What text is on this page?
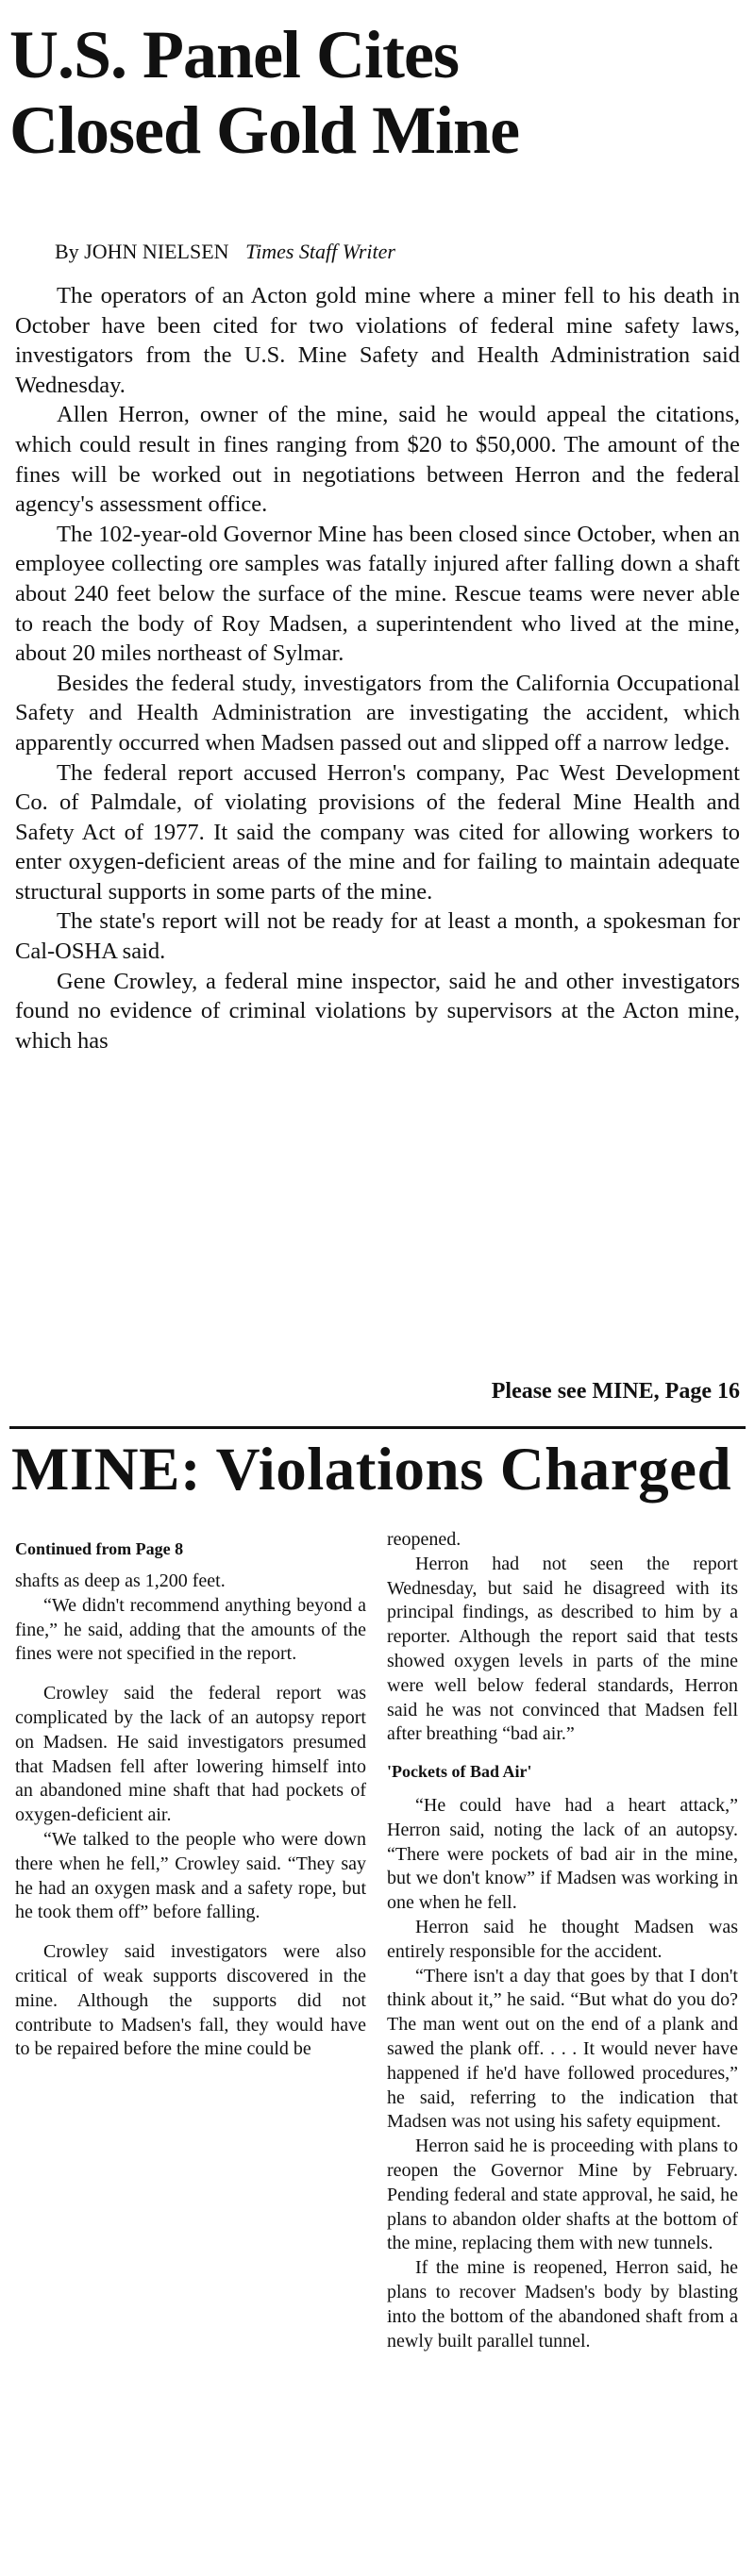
U.S. Panel Cites
Closed Gold Mine
By JOHN NIELSEN Times Staff Writer

The operators of an Acton gold mine where a miner fell to his death in October have been cited for two violations of federal mine safety laws, investigators from the U.S. Mine Safety and Health Administration said Wednesday.

Allen Herron, owner of the mine, said he would appeal the citations, which could result in fines ranging from $20 to $50,000. The amount of the fines will be worked out in negotiations between Herron and the federal agency's assessment office.

The 102-year-old Governor Mine has been closed since October, when an employee collecting ore samples was fatally injured after falling down a shaft about 240 feet below the surface of the mine. Rescue teams were never able to reach the body of Roy Madsen, a superintendent who lived at the mine, about 20 miles northeast of Sylmar.

Besides the federal study, investigators from the California Occupational Safety and Health Administration are investigating the accident, which apparently occurred when Madsen passed out and slipped off a narrow ledge.

The federal report accused Herron's company, Pac West Development Co. of Palmdale, of violating provisions of the federal Mine Health and Safety Act of 1977. It said the company was cited for allowing workers to enter oxygen-deficient areas of the mine and for failing to maintain adequate structural supports in some parts of the mine.

The state's report will not be ready for at least a month, a spokesman for Cal-OSHA said.

Gene Crowley, a federal mine inspector, said he and other investigators found no evidence of criminal violations by supervisors at the Acton mine, which has

Please see MINE, Page 16
MINE: Violations Charged
Continued from Page 8

shafts as deep as 1,200 feet.

“We didn't recommend anything beyond a fine,” he said, adding that the amounts of the fines were not specified in the report.

Crowley said the federal report was complicated by the lack of an autopsy report on Madsen. He said investigators presumed that Madsen fell after lowering himself into an abandoned mine shaft that had pockets of oxygen-deficient air.

“We talked to the people who were down there when he fell,” Crowley said. “They say he had an oxygen mask and a safety rope, but he took them off” before falling.

Crowley said investigators were also critical of weak supports discovered in the mine. Although the supports did not contribute to Madsen's fall, they would have to be repaired before the mine could be

reopened.

Herron had not seen the report Wednesday, but said he disagreed with its principal findings, as described to him by a reporter. Although the report said that tests showed oxygen levels in parts of the mine were well below federal standards, Herron said he was not convinced that Madsen fell after breathing “bad air.”

'Pockets of Bad Air'

“He could have had a heart attack,” Herron said, noting the lack of an autopsy. “There were pockets of bad air in the mine, but we don't know” if Madsen was working in one when he fell.

Herron said he thought Madsen was entirely responsible for the accident.

“There isn't a day that goes by that I don't think about it,” he said. “But what do you do? The man went out on the end of a plank and sawed the plank off. . . . It would never have happened if he'd have followed procedures,” he said, referring to the indication that Madsen was not using his safety equipment.

Herron said he is proceeding with plans to reopen the Governor Mine by February. Pending federal and state approval, he said, he plans to abandon older shafts at the bottom of the mine, replacing them with new tunnels.

If the mine is reopened, Herron said, he plans to recover Madsen's body by blasting into the bottom of the abandoned shaft from a newly built parallel tunnel.
